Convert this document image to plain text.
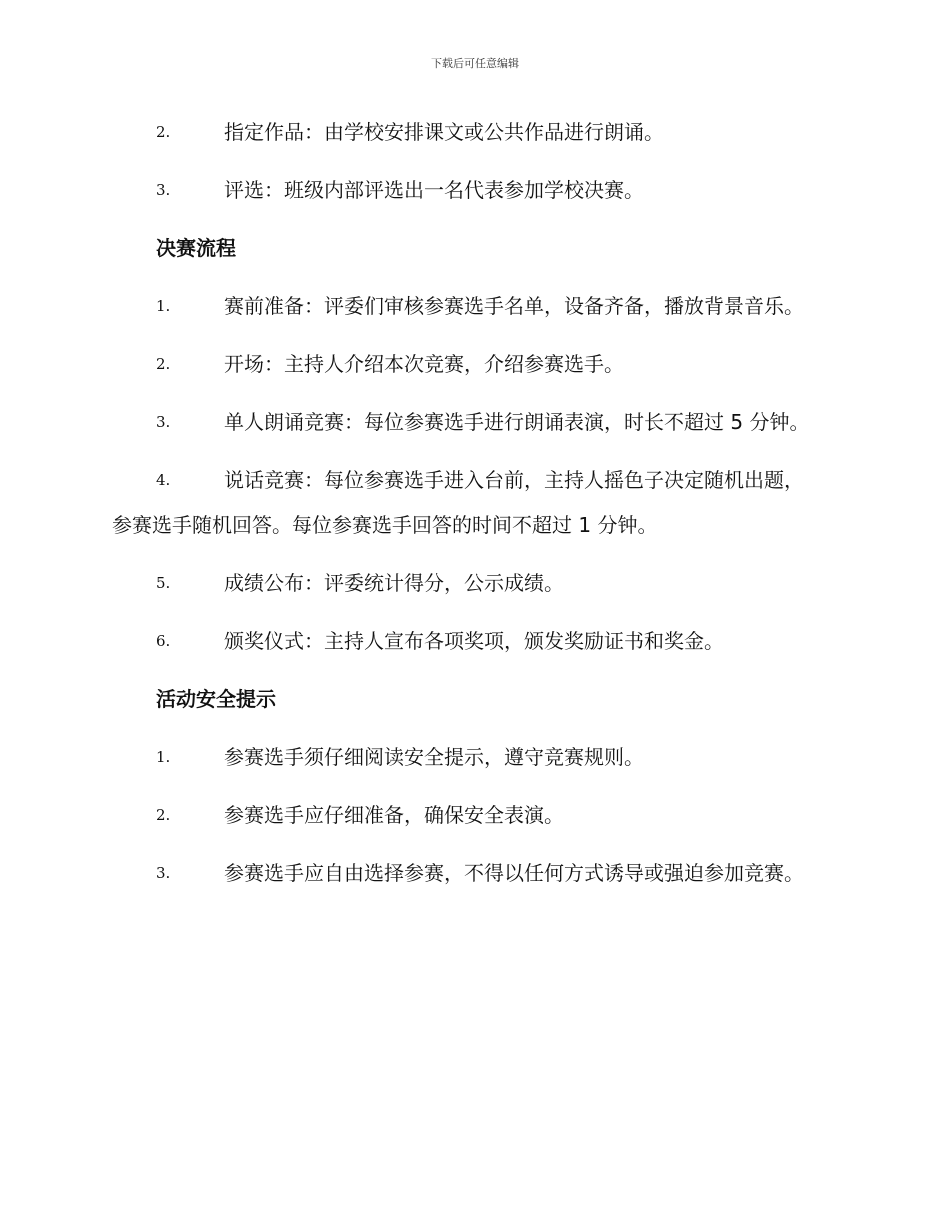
下载后可任意编辑
2.	指定作品：由学校安排课文或公共作品进行朗诵。
3.	评选：班级内部评选出一名代表参加学校决赛。
决赛流程
1.	赛前准备：评委们审核参赛选手名单，设备齐备，播放背景音乐。
2.	开场：主持人介绍本次竞赛，介绍参赛选手。
3.	单人朗诵竞赛：每位参赛选手进行朗诵表演，时长不超过 5 分钟。
4.	说话竞赛：每位参赛选手进入台前，主持人摇色子决定随机出题，参赛选手随机回答。每位参赛选手回答的时间不超过 1 分钟。
5.	成绩公布：评委统计得分，公示成绩。
6.	颁奖仪式：主持人宣布各项奖项，颁发奖励证书和奖金。
活动安全提示
1.	参赛选手须仔细阅读安全提示，遵守竞赛规则。
2.	参赛选手应仔细准备，确保安全表演。
3.	参赛选手应自由选择参赛，不得以任何方式诱导或强迫参加竞赛。
